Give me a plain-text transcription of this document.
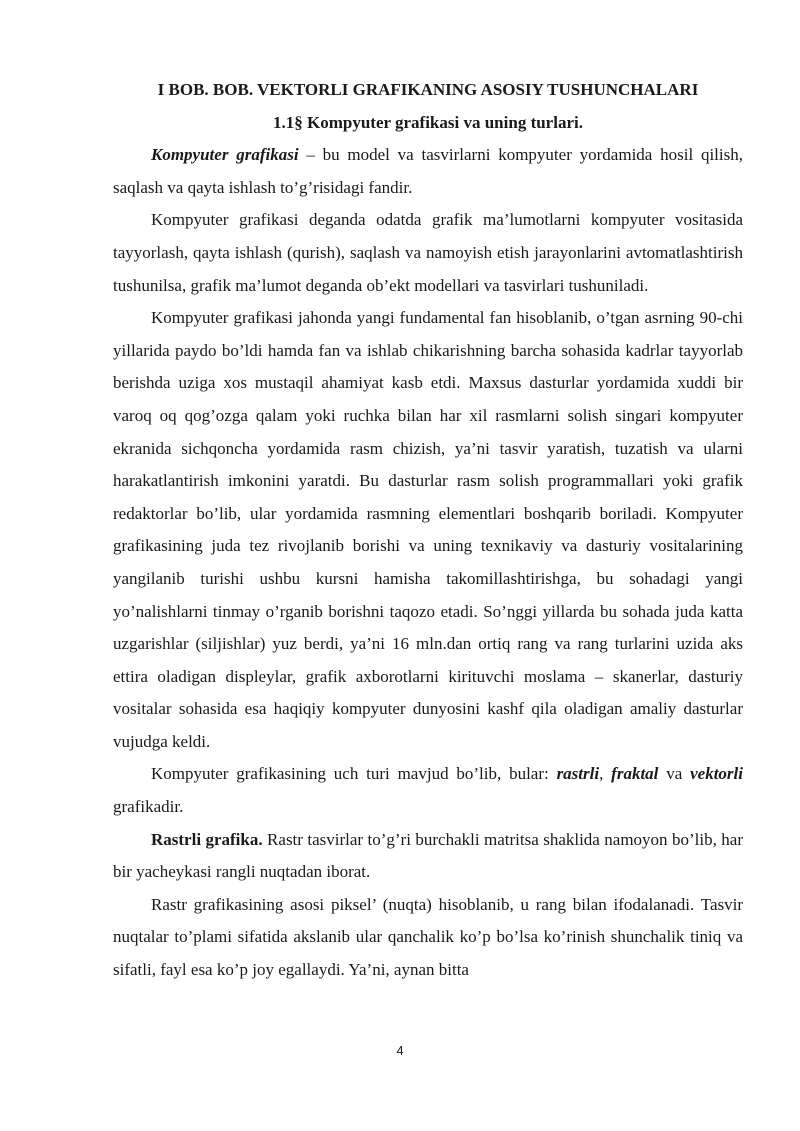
I BOB. BOB. VEKTORLI GRAFIKANING ASOSIY TUSHUNCHALARI
1.1§ Kompyuter grafikasi va uning turlari.

Kompyuter grafikasi – bu model va tasvirlarni kompyuter yordamida hosil qilish, saqlash va qayta ishlash to’g’risidagi fandir.

Kompyuter grafikasi deganda odatda grafik ma’lumotlarni kompyuter vositasida tayyorlash, qayta ishlash (qurish), saqlash va namoyish etish jarayonlarini avtomatlashtirish tushunilsa, grafik ma’lumot deganda ob’ekt modellari va tasvirlari tushuniladi.

Kompyuter grafikasi jahonda yangi fundamental fan hisoblanib, o’tgan asrning 90-chi yillarida paydo bo’ldi hamda fan va ishlab chikarishning barcha sohasida kadrlar tayyorlab berishda uziga xos mustaqil ahamiyat kasb etdi. Maxsus dasturlar yordamida xuddi bir varoq oq qog’ozga qalam yoki ruchka bilan har xil rasmlarni solish singari kompyuter ekranida sichqoncha yordamida rasm chizish, ya’ni tasvir yaratish, tuzatish va ularni harakatlantirish imkonini yaratdi. Bu dasturlar rasm solish programmallari yoki grafik redaktorlar bo’lib, ular yordamida rasmning elementlari boshqarib boriladi. Kompyuter grafikasining juda tez rivojlanib borishi va uning texnikaviy va dasturiy vositalarining yangilanib turishi ushbu kursni hamisha takomillashtirishga, bu sohadagi yangi yo’nalishlarni tinmay o’rganib borishni taqozo etadi. So’nggi yillarda bu sohada juda katta uzgarishlar (siljishlar) yuz berdi, ya’ni 16 mln.dan ortiq rang va rang turlarini uzida aks ettira oladigan displeylar, grafik axborotlarni kirituvchi moslama – skanerlar, dasturiy vositalar sohasida esa haqiqiy kompyuter dunyosini kashf qila oladigan amaliy dasturlar vujudga keldi.

Kompyuter grafikasining uch turi mavjud bo’lib, bular: rastrli, fraktal va vektorli grafikadir.

Rastrli grafika. Rastr tasvirlar to’g’ri burchakli matritsa shaklida namoyon bo’lib, har bir yacheykasi rangli nuqtadan iborat.

Rastr grafikasining asosi piksel’ (nuqta) hisoblanib, u rang bilan ifodalanadi. Tasvir nuqtalar to’plami sifatida akslanib ular qanchalik ko’p bo’lsa ko’rinish shunchalik tiniq va sifatli, fayl esa ko’p joy egallaydi. Ya’ni, aynan bitta

4
